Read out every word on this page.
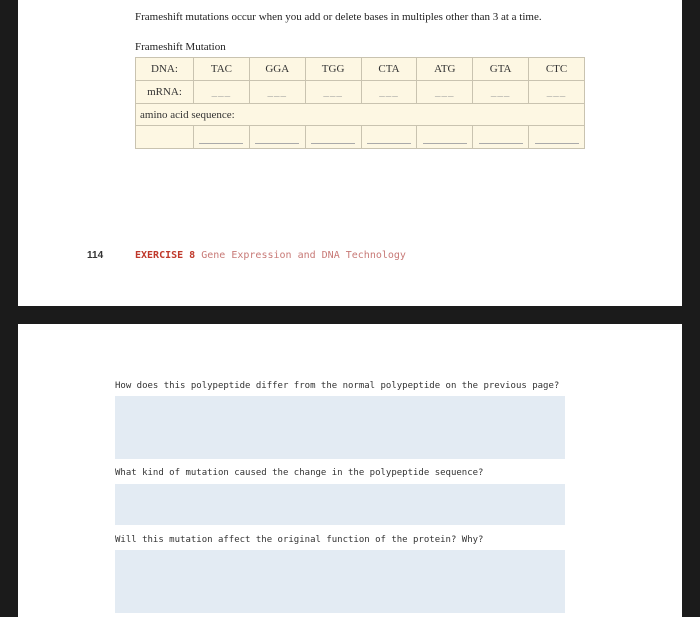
Frameshift mutations occur when you add or delete bases in multiples other than 3 at a time.
Frameshift Mutation
DNA:	TAC	GGA	TGG	CTA	ATG	GTA	CTC
mRNA:	___	___	___	___	___	___	___
amino acid sequence:							

114	EXERCISE 8 Gene Expression and DNA Technology
How does this polypeptide differ from the normal polypeptide on the previous page?
What kind of mutation caused the change in the polypeptide sequence?
Will this mutation affect the original function of the protein? Why?
